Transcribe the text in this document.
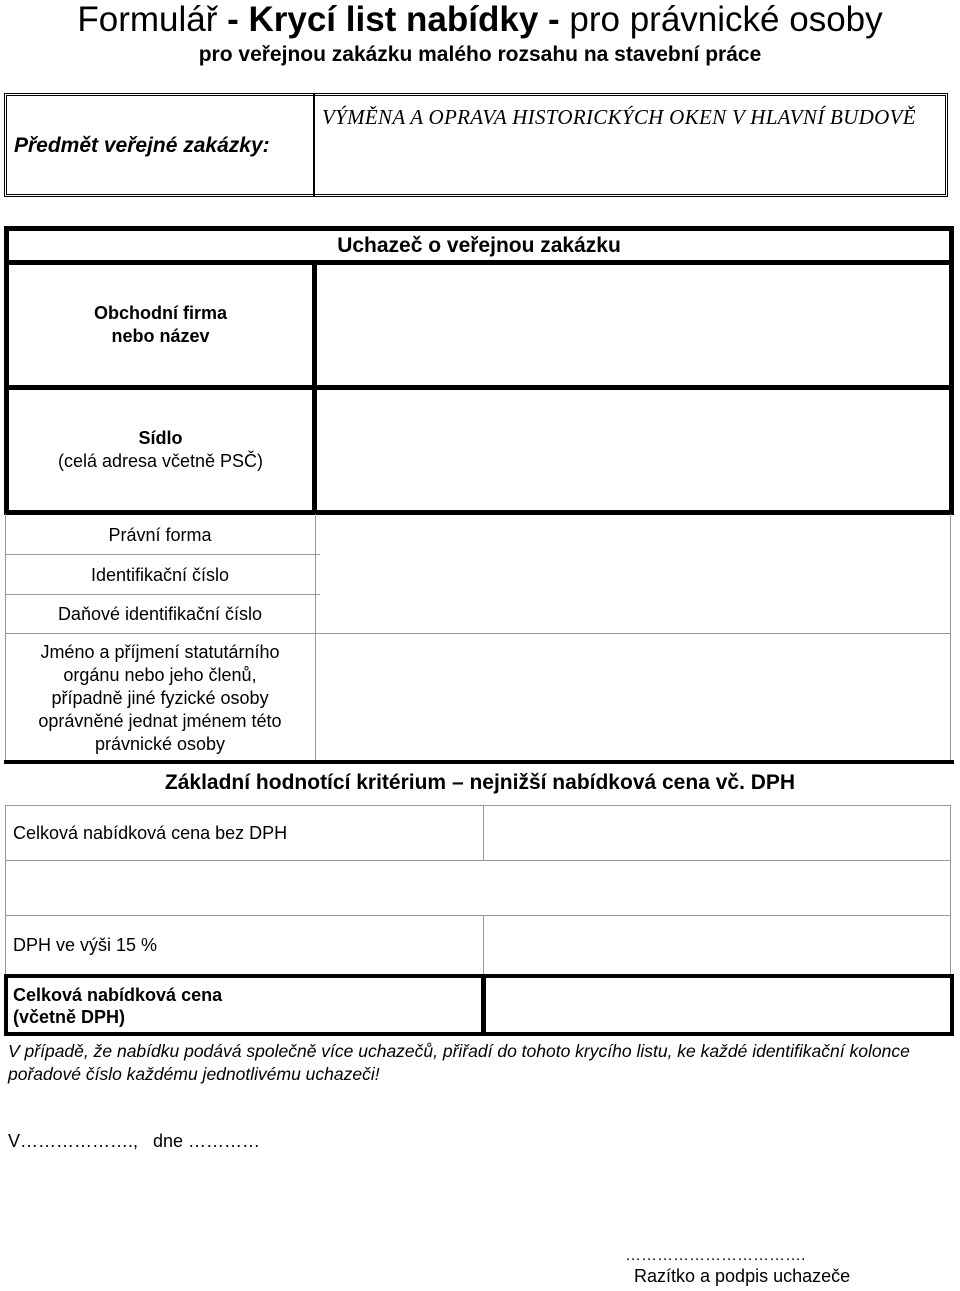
Formulář - Krycí list nabídky - pro právnické osoby
pro veřejnou zakázku malého rozsahu na stavební práce
Předmět veřejné zakázky:
VÝMĚNA A OPRAVA HISTORICKÝCH OKEN V HLAVNÍ BUDOVĚ
Uchazeč o veřejnou zakázku
Obchodní firma
nebo název
Sídlo
(celá adresa včetně PSČ)
Právní forma
Identifikační číslo
Daňové identifikační číslo
Jméno a příjmení statutárního
orgánu nebo jeho členů,
případně jiné fyzické osoby
oprávněné jednat jménem této
právnické osoby
Základní hodnotící kritérium – nejnižší nabídková cena vč. DPH
Celková nabídková cena bez DPH
DPH ve výši 15 %
Celková nabídková cena
(včetně DPH)
V případě, že nabídku podává společně více uchazečů, přiřadí do tohoto krycího listu, ke každé identifikační kolonce pořadové číslo každému jednotlivému uchazeči!
V……………….,   dne …………
…………………………….
Razítko a podpis uchazeče
